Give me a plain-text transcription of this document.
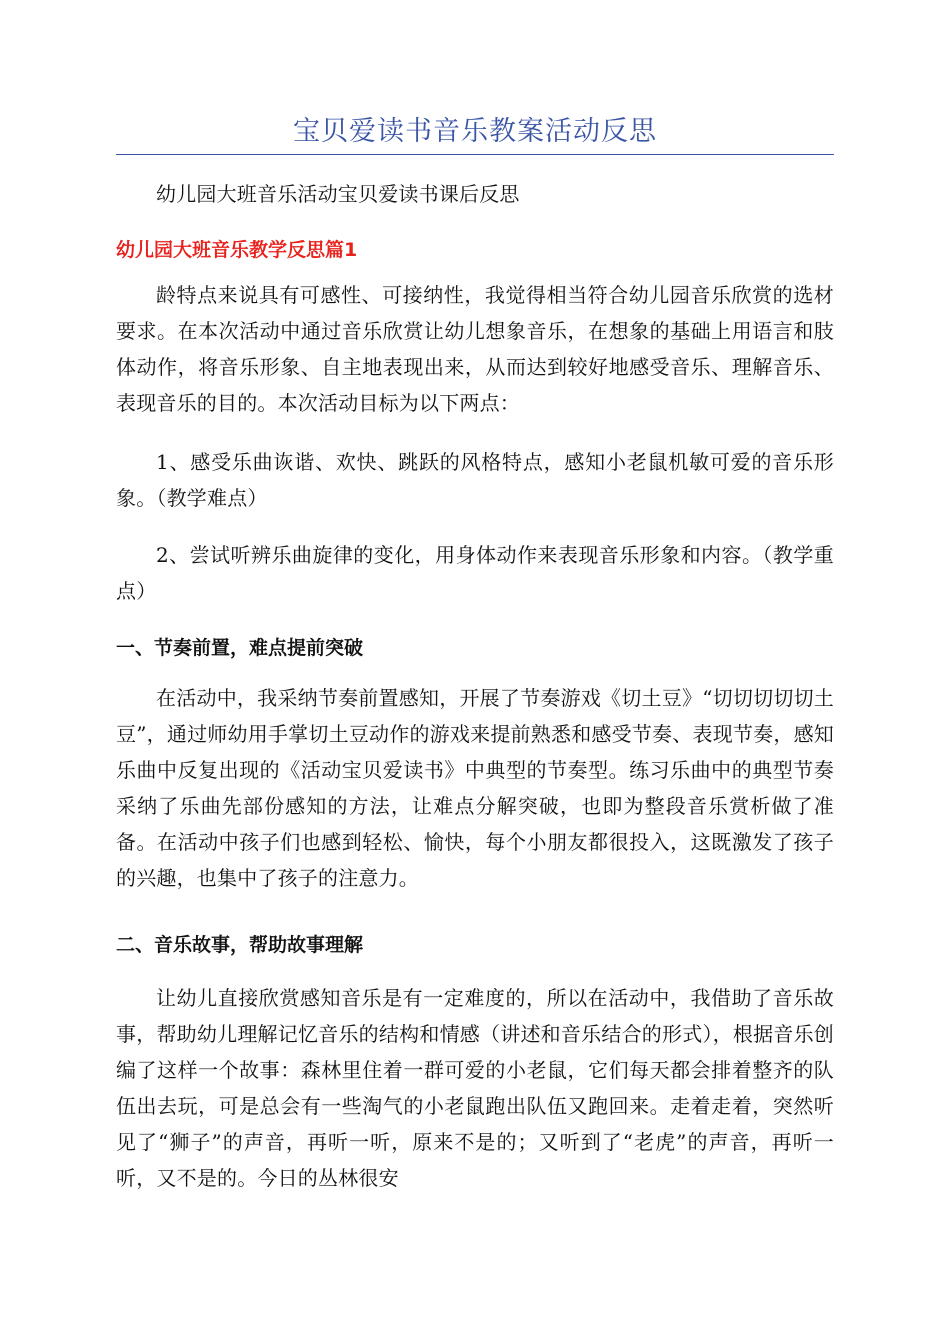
宝贝爱读书音乐教案活动反思

幼儿园大班音乐活动宝贝爱读书课后反思

幼儿园大班音乐教学反思篇1

龄特点来说具有可感性、可接纳性，我觉得相当符合幼儿园音乐欣赏的选材要求。在本次活动中通过音乐欣赏让幼儿想象音乐，在想象的基础上用语言和肢体动作，将音乐形象、自主地表现出来，从而达到较好地感受音乐、理解音乐、表现音乐的目的。本次活动目标为以下两点：

1、感受乐曲诙谐、欢快、跳跃的风格特点，感知小老鼠机敏可爱的音乐形象。（教学难点）

2、尝试听辨乐曲旋律的变化，用身体动作来表现音乐形象和内容。（教学重点）

一、节奏前置，难点提前突破

在活动中，我采纳节奏前置感知，开展了节奏游戏《切土豆》“切切切切切土豆”，通过师幼用手掌切土豆动作的游戏来提前熟悉和感受节奏、表现节奏，感知乐曲中反复出现的《活动宝贝爱读书》中典型的节奏型。练习乐曲中的典型节奏采纳了乐曲先部份感知的方法，让难点分解突破，也即为整段音乐赏析做了准备。在活动中孩子们也感到轻松、愉快，每个小朋友都很投入，这既激发了孩子的兴趣，也集中了孩子的注意力。

二、音乐故事，帮助故事理解

让幼儿直接欣赏感知音乐是有一定难度的，所以在活动中，我借助了音乐故事，帮助幼儿理解记忆音乐的结构和情感（讲述和音乐结合的形式），根据音乐创编了这样一个故事：森林里住着一群可爱的小老鼠，它们每天都会排着整齐的队伍出去玩，可是总会有一些淘气的小老鼠跑出队伍又跑回来。走着走着，突然听见了“狮子”的声音，再听一听，原来不是的；又听到了“老虎”的声音，再听一听，又不是的。今日的丛林很安
